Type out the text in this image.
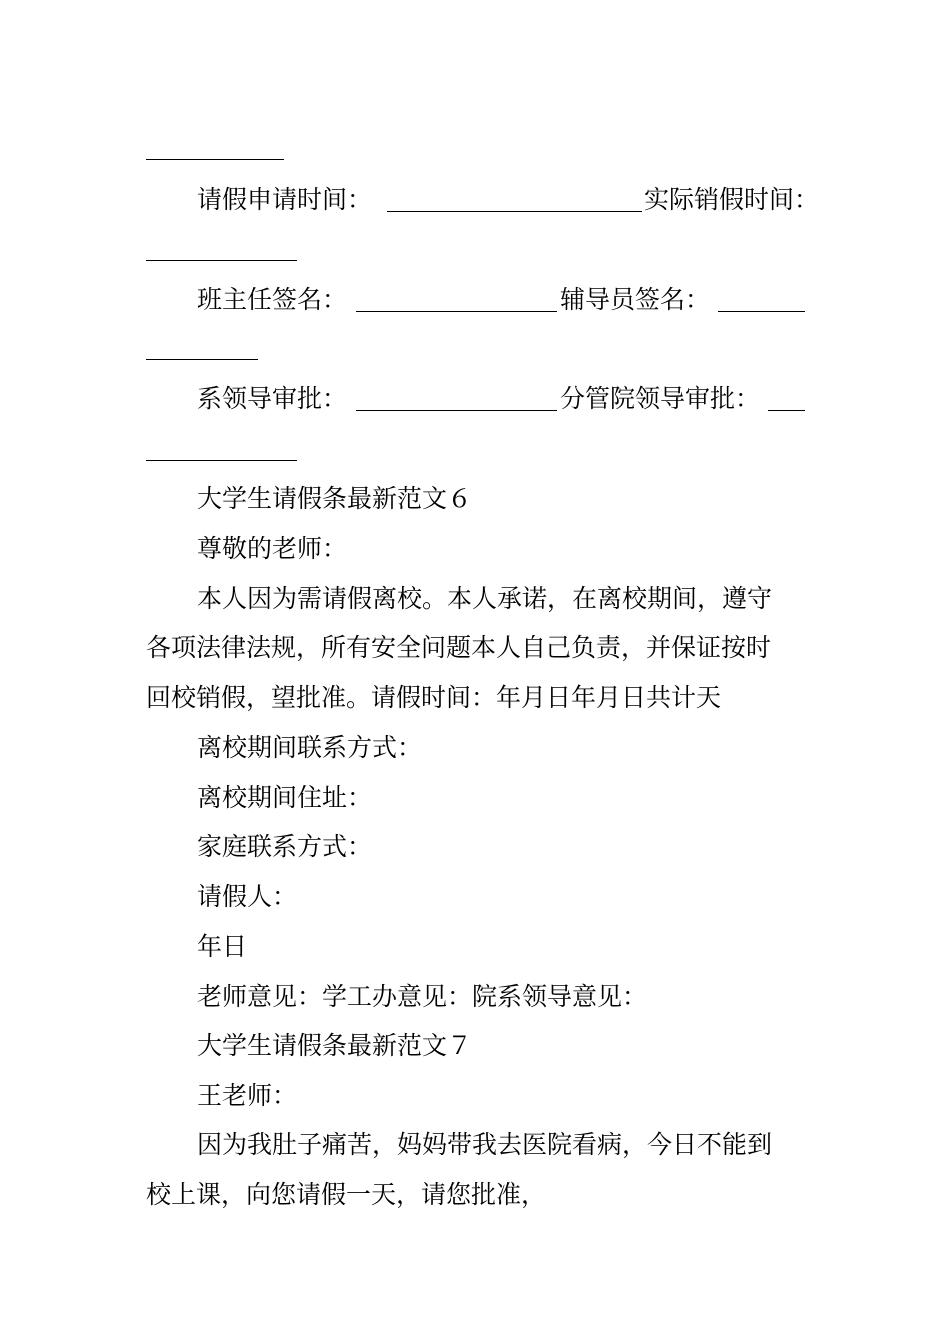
请假申请时间：	实际销假时间：
班主任签名：	辅导员签名：
系领导审批：	分管院领导审批：
大学生请假条最新范文６
尊敬的老师：
本人因为需请假离校。本人承诺，在离校期间，遵守
各项法律法规，所有安全问题本人自己负责，并保证按时
回校销假，望批准。请假时间：年月日年月日共计天
离校期间联系方式：
离校期间住址：
家庭联系方式：
请假人：
年日
老师意见：学工办意见：院系领导意见：
大学生请假条最新范文７
王老师：
因为我肚子痛苦，妈妈带我去医院看病，今日不能到
校上课，向您请假一天，请您批准，
